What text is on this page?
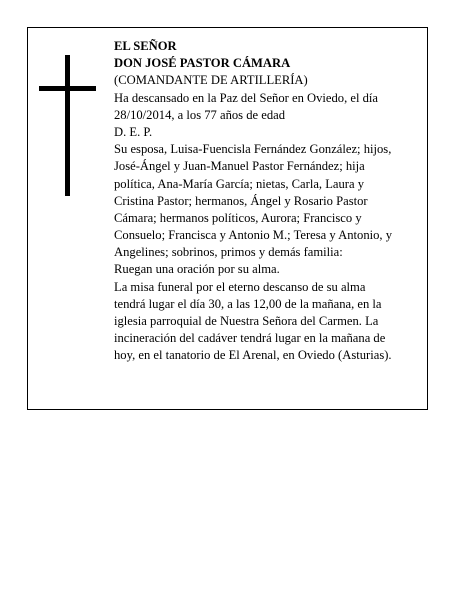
EL SEÑOR
DON JOSÉ PASTOR CÁMARA
(COMANDANTE DE ARTILLERÍA)
Ha descansado en la Paz del Señor en Oviedo, el día
28/10/2014, a los 77 años de edad
D. E. P.
Su esposa, Luisa-Fuencisla Fernández González; hijos,
José-Ángel y Juan-Manuel Pastor Fernández; hija
política, Ana-María García; nietas, Carla, Laura y
Cristina Pastor; hermanos, Ángel y Rosario Pastor
Cámara; hermanos políticos, Aurora; Francisco y
Consuelo; Francisca y Antonio M.; Teresa y Antonio, y
Angelines; sobrinos, primos y demás familia:
Ruegan una oración por su alma.
La misa funeral por el eterno descanso de su alma
tendrá lugar el día 30, a las 12,00 de la mañana, en la
iglesia parroquial de Nuestra Señora del Carmen. La
incineración del cadáver tendrá lugar en la mañana de
hoy, en el tanatorio de El Arenal, en Oviedo (Asturias).
